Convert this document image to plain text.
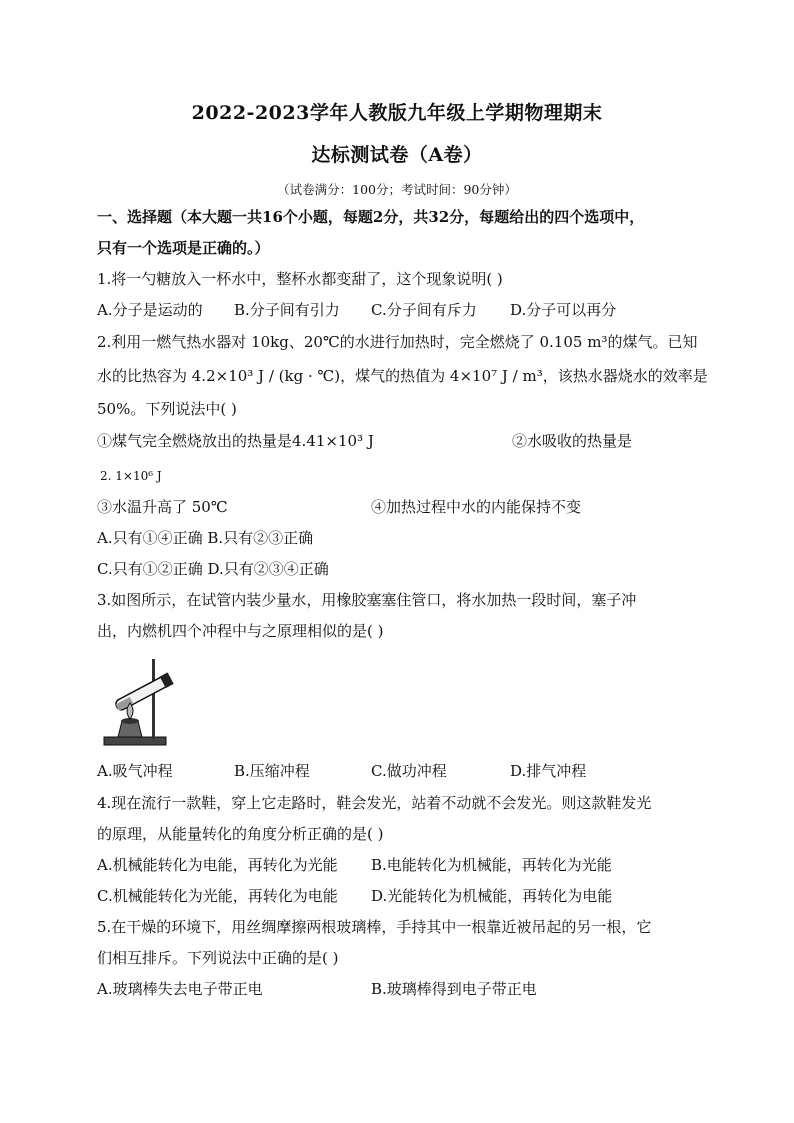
2022-2023学年人教版九年级上学期物理期末
达标测试卷（A卷）
（试卷满分：100分；考试时间：90分钟）
一、选择题（本大题一共16个小题，每题2分，共32分，每题给出的四个选项中，
只有一个选项是正确的。）
1.将一勺糖放入一杯水中，整杯水都变甜了，这个现象说明( )
A.分子是运动的 B.分子间有引力 C.分子间有斥力 D.分子可以再分
2.利用一燃气热水器对 10kg、20℃的水进行加热时，完全燃烧了 0.105 m³的煤气。已知
水的比热容为 4.2×10³ J / (kg · ℃)，煤气的热值为 4×10⁷ J / m³，该热水器烧水的效率是
50%。下列说法中( )
①煤气完全燃烧放出的热量是4.41×10³ J	②水吸收的热量是
2. 1×10⁶ J
③水温升高了 50℃	④加热过程中水的内能保持不变
A.只有①④正确 B.只有②③正确
C.只有①②正确 D.只有②③④正确
3.如图所示，在试管内装少量水，用橡胶塞塞住管口，将水加热一段时间，塞子冲
出，内燃机四个冲程中与之原理相似的是( )
A.吸气冲程	B.压缩冲程	C.做功冲程	D.排气冲程
4.现在流行一款鞋，穿上它走路时，鞋会发光，站着不动就不会发光。则这款鞋发光
的原理，从能量转化的角度分析正确的是( )
A.机械能转化为电能，再转化为光能 B.电能转化为机械能，再转化为光能
C.机械能转化为光能，再转化为电能 D.光能转化为机械能，再转化为电能
5.在干燥的环境下，用丝绸摩擦两根玻璃棒，手持其中一根靠近被吊起的另一根，它
们相互排斥。下列说法中正确的是( )
A.玻璃棒失去电子带正电	B.玻璃棒得到电子带正电
